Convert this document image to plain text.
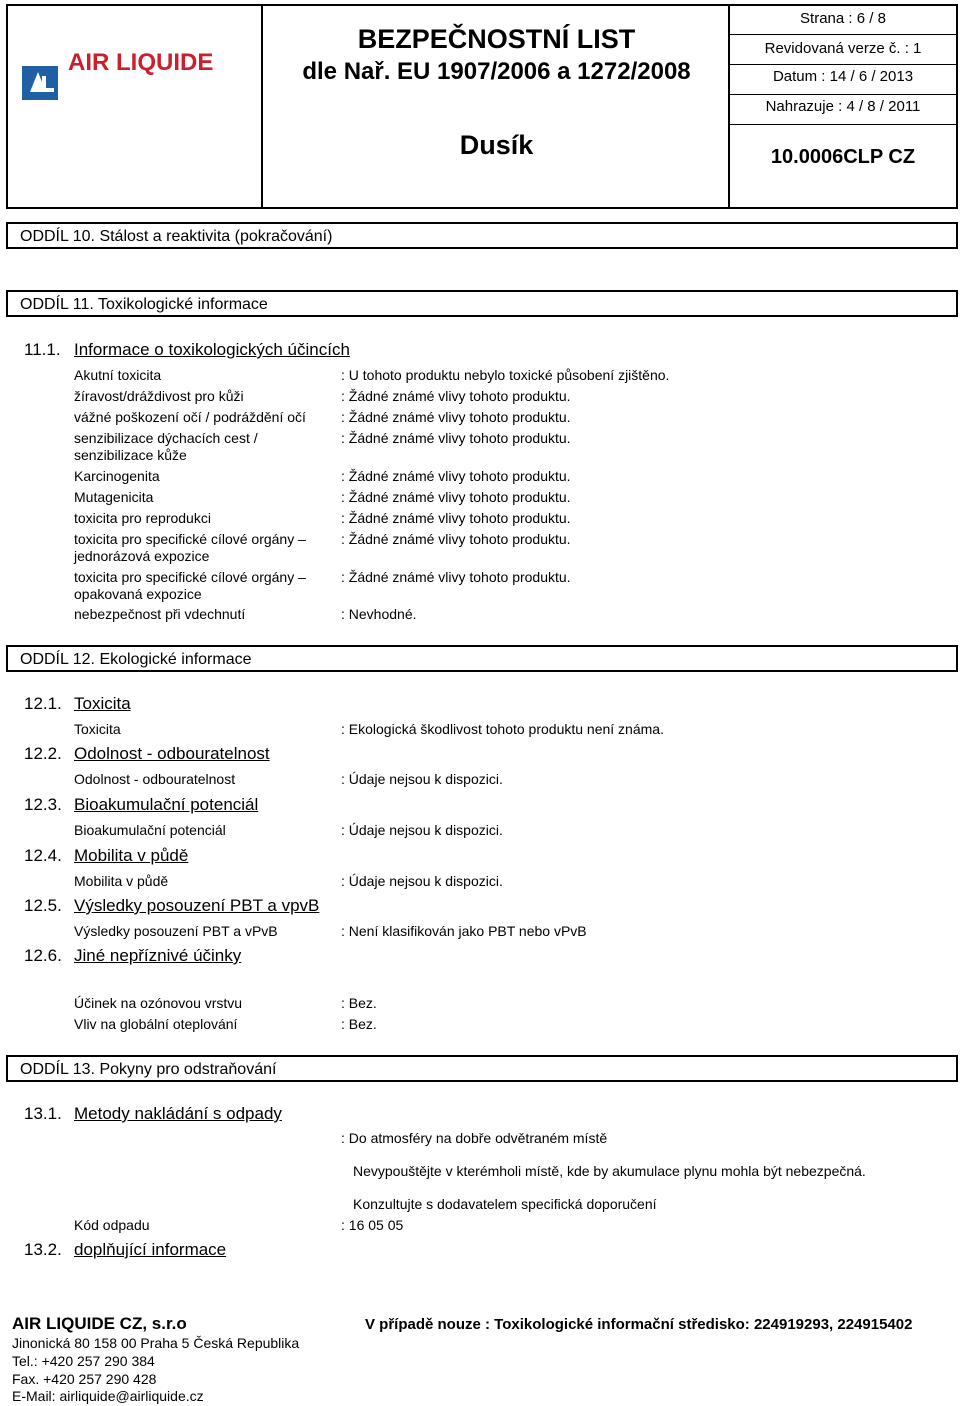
AIR LIQUIDE
BEZPEČNOSTNÍ LIST
dle Nař. EU 1907/2006 a 1272/2008
Dusík
Strana : 6 / 8
Revidovaná verze č. : 1
Datum : 14 / 6 / 2013
Nahrazuje : 4 / 8 / 2011
10.0006CLP CZ
ODDÍL 10. Stálost a reaktivita (pokračování)
ODDÍL 11. Toxikologické informace
11.1. Informace o toxikologických účincích
Akutní toxicita	: U tohoto produktu nebylo toxické působení zjištěno.
žíravost/dráždivost pro kůži	: Žádné známé vlivy tohoto produktu.
vážné poškození očí / podráždění očí	: Žádné známé vlivy tohoto produktu.
senzibilizace dýchacích cest /
senzibilizace kůže
: Žádné známé vlivy tohoto produktu.
Karcinogenita	: Žádné známé vlivy tohoto produktu.
Mutagenicita	: Žádné známé vlivy tohoto produktu.
toxicita pro reprodukci	: Žádné známé vlivy tohoto produktu.
toxicita pro specifické cílové orgány –
jednorázová expozice
: Žádné známé vlivy tohoto produktu.
toxicita pro specifické cílové orgány –
opakovaná expozice
: Žádné známé vlivy tohoto produktu.
nebezpečnost při vdechnutí	: Nevhodné.
ODDÍL 12. Ekologické informace
12.1. Toxicita
Toxicita	: Ekologická škodlivost tohoto produktu není známa.
12.2. Odolnost - odbouratelnost
Odolnost - odbouratelnost	: Údaje nejsou k dispozici.
12.3. Bioakumulační potenciál
Bioakumulační potenciál	: Údaje nejsou k dispozici.
12.4. Mobilita v půdě
Mobilita v půdě	: Údaje nejsou k dispozici.
12.5. Výsledky posouzení PBT a vpvB
Výsledky posouzení PBT a vPvB	: Není klasifikován jako PBT nebo vPvB
12.6. Jiné nepříznivé účinky
Účinek na ozónovou vrstvu	: Bez.
Vliv na globální oteplování	: Bez.
ODDÍL 13. Pokyny pro odstraňování
13.1. Metody nakládání s odpady
: Do atmosféry na dobře odvětraném místě
Nevypouštějte v kterémholi místě, kde by akumulace plynu mohla být nebezpečná.
Konzultujte s dodavatelem specifická doporučení
Kód odpadu	: 16 05 05
13.2. doplňující informace
AIR LIQUIDE CZ, s.r.o
Jinonická 80 158 00 Praha 5 Česká Republika
Tel.: +420 257 290 384
Fax. +420 257 290 428
E-Mail: airliquide@airliquide.cz
V případě nouze : Toxikologické informační středisko: 224919293, 224915402
